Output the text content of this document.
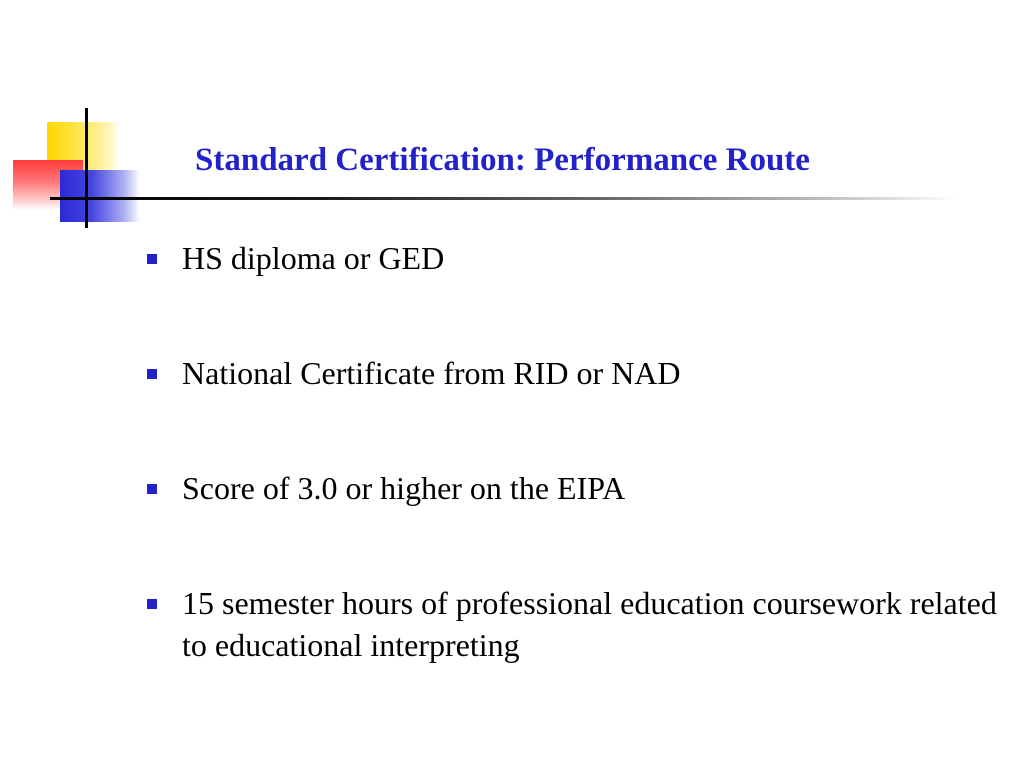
Standard Certification: Performance Route
HS diploma or GED
National Certificate from RID or NAD
Score of 3.0 or higher on the EIPA
15 semester hours of professional education coursework related to educational interpreting
